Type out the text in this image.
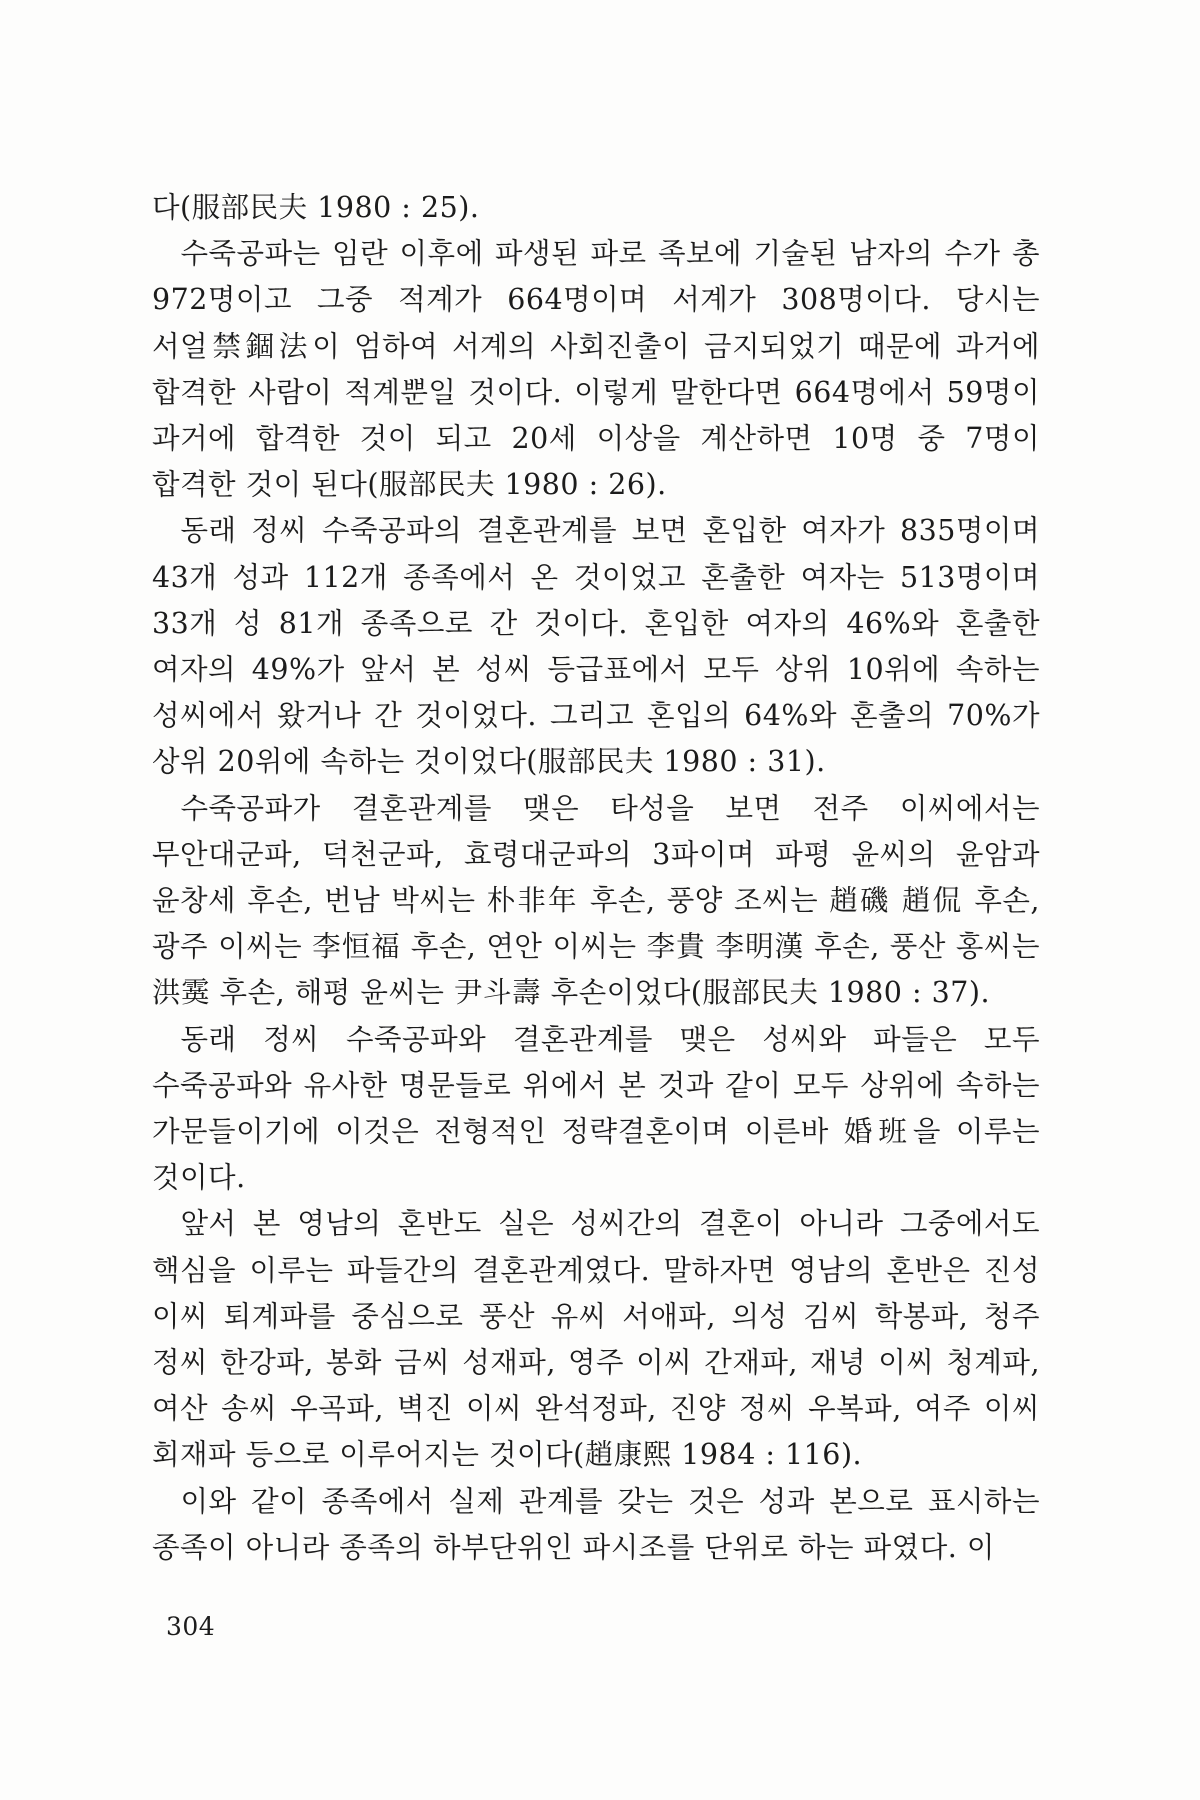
다(服部民夫 1980 : 25).

수죽공파는 임란 이후에 파생된 파로 족보에 기술된 남자의 수가 총 972명이고 그중 적계가 664명이며 서계가 308명이다. 당시는 서얼禁錮法이 엄하여 서계의 사회진출이 금지되었기 때문에 과거에 합격한 사람이 적계뿐일 것이다. 이렇게 말한다면 664명에서 59명이 과거에 합격한 것이 되고 20세 이상을 계산하면 10명 중 7명이 합격한 것이 된다(服部民夫 1980 : 26).

동래 정씨 수죽공파의 결혼관계를 보면 혼입한 여자가 835명이며 43개 성과 112개 종족에서 온 것이었고 혼출한 여자는 513명이며 33개 성 81개 종족으로 간 것이다. 혼입한 여자의 46%와 혼출한 여자의 49%가 앞서 본 성씨 등급표에서 모두 상위 10위에 속하는 성씨에서 왔거나 간 것이었다. 그리고 혼입의 64%와 혼출의 70%가 상위 20위에 속하는 것이었다(服部民夫 1980 : 31).

수죽공파가 결혼관계를 맺은 타성을 보면 전주 이씨에서는 무안대군파, 덕천군파, 효령대군파의 3파이며 파평 윤씨의 윤암과 윤창세 후손, 번남 박씨는 朴非年 후손, 풍양 조씨는 趙磯 趙侃 후손, 광주 이씨는 李恒福 후손, 연안 이씨는 李貴 李明漢 후손, 풍산 홍씨는 洪霙 후손, 해평 윤씨는 尹斗壽 후손이었다(服部民夫 1980 : 37).

동래 정씨 수죽공파와 결혼관계를 맺은 성씨와 파들은 모두 수죽공파와 유사한 명문들로 위에서 본 것과 같이 모두 상위에 속하는 가문들이기에 이것은 전형적인 정략결혼이며 이른바 婚班을 이루는 것이다.

앞서 본 영남의 혼반도 실은 성씨간의 결혼이 아니라 그중에서도 핵심을 이루는 파들간의 결혼관계였다. 말하자면 영남의 혼반은 진성 이씨 퇴계파를 중심으로 풍산 유씨 서애파, 의성 김씨 학봉파, 청주 정씨 한강파, 봉화 금씨 성재파, 영주 이씨 간재파, 재녕 이씨 청계파, 여산 송씨 우곡파, 벽진 이씨 완석정파, 진양 정씨 우복파, 여주 이씨 회재파 등으로 이루어지는 것이다(趙康熙 1984 : 116).

이와 같이 종족에서 실제 관계를 갖는 것은 성과 본으로 표시하는 종족이 아니라 종족의 하부단위인 파시조를 단위로 하는 파였다. 이

304
